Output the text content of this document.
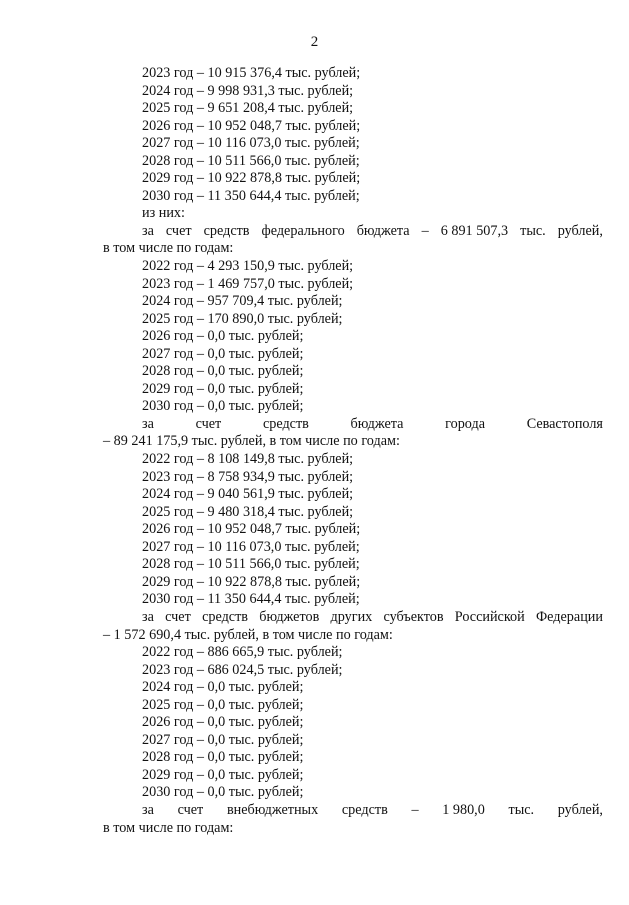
2
2023 год – 10 915 376,4 тыс. рублей;
2024 год – 9 998 931,3 тыс. рублей;
2025 год – 9 651 208,4 тыс. рублей;
2026 год – 10 952 048,7 тыс. рублей;
2027 год – 10 116 073,0 тыс. рублей;
2028 год – 10 511 566,0 тыс. рублей;
2029 год – 10 922 878,8 тыс. рублей;
2030 год – 11 350 644,4 тыс. рублей;
из них:
за счет средств федерального бюджета – 6 891 507,3 тыс. рублей,
в том числе по годам:
2022 год – 4 293 150,9 тыс. рублей;
2023 год – 1 469 757,0 тыс. рублей;
2024 год – 957 709,4 тыс. рублей;
2025 год – 170 890,0 тыс. рублей;
2026 год – 0,0 тыс. рублей;
2027 год – 0,0 тыс. рублей;
2028 год – 0,0 тыс. рублей;
2029 год – 0,0 тыс. рублей;
2030 год – 0,0 тыс. рублей;
за	счет	средств	бюджета	города	Севастополя
– 89 241 175,9 тыс. рублей, в том числе по годам:
2022 год – 8 108 149,8 тыс. рублей;
2023 год – 8 758 934,9 тыс. рублей;
2024 год – 9 040 561,9 тыс. рублей;
2025 год – 9 480 318,4 тыс. рублей;
2026 год – 10 952 048,7 тыс. рублей;
2027 год – 10 116 073,0 тыс. рублей;
2028 год – 10 511 566,0 тыс. рублей;
2029 год – 10 922 878,8 тыс. рублей;
2030 год – 11 350 644,4 тыс. рублей;
за счет средств бюджетов других субъектов Российской Федерации
– 1 572 690,4 тыс. рублей, в том числе по годам:
2022 год – 886 665,9 тыс. рублей;
2023 год – 686 024,5 тыс. рублей;
2024 год – 0,0 тыс. рублей;
2025 год – 0,0 тыс. рублей;
2026 год – 0,0 тыс. рублей;
2027 год – 0,0 тыс. рублей;
2028 год – 0,0 тыс. рублей;
2029 год – 0,0 тыс. рублей;
2030 год – 0,0 тыс. рублей;
за счет внебюджетных средств – 1 980,0 тыс. рублей,
в том числе по годам:
